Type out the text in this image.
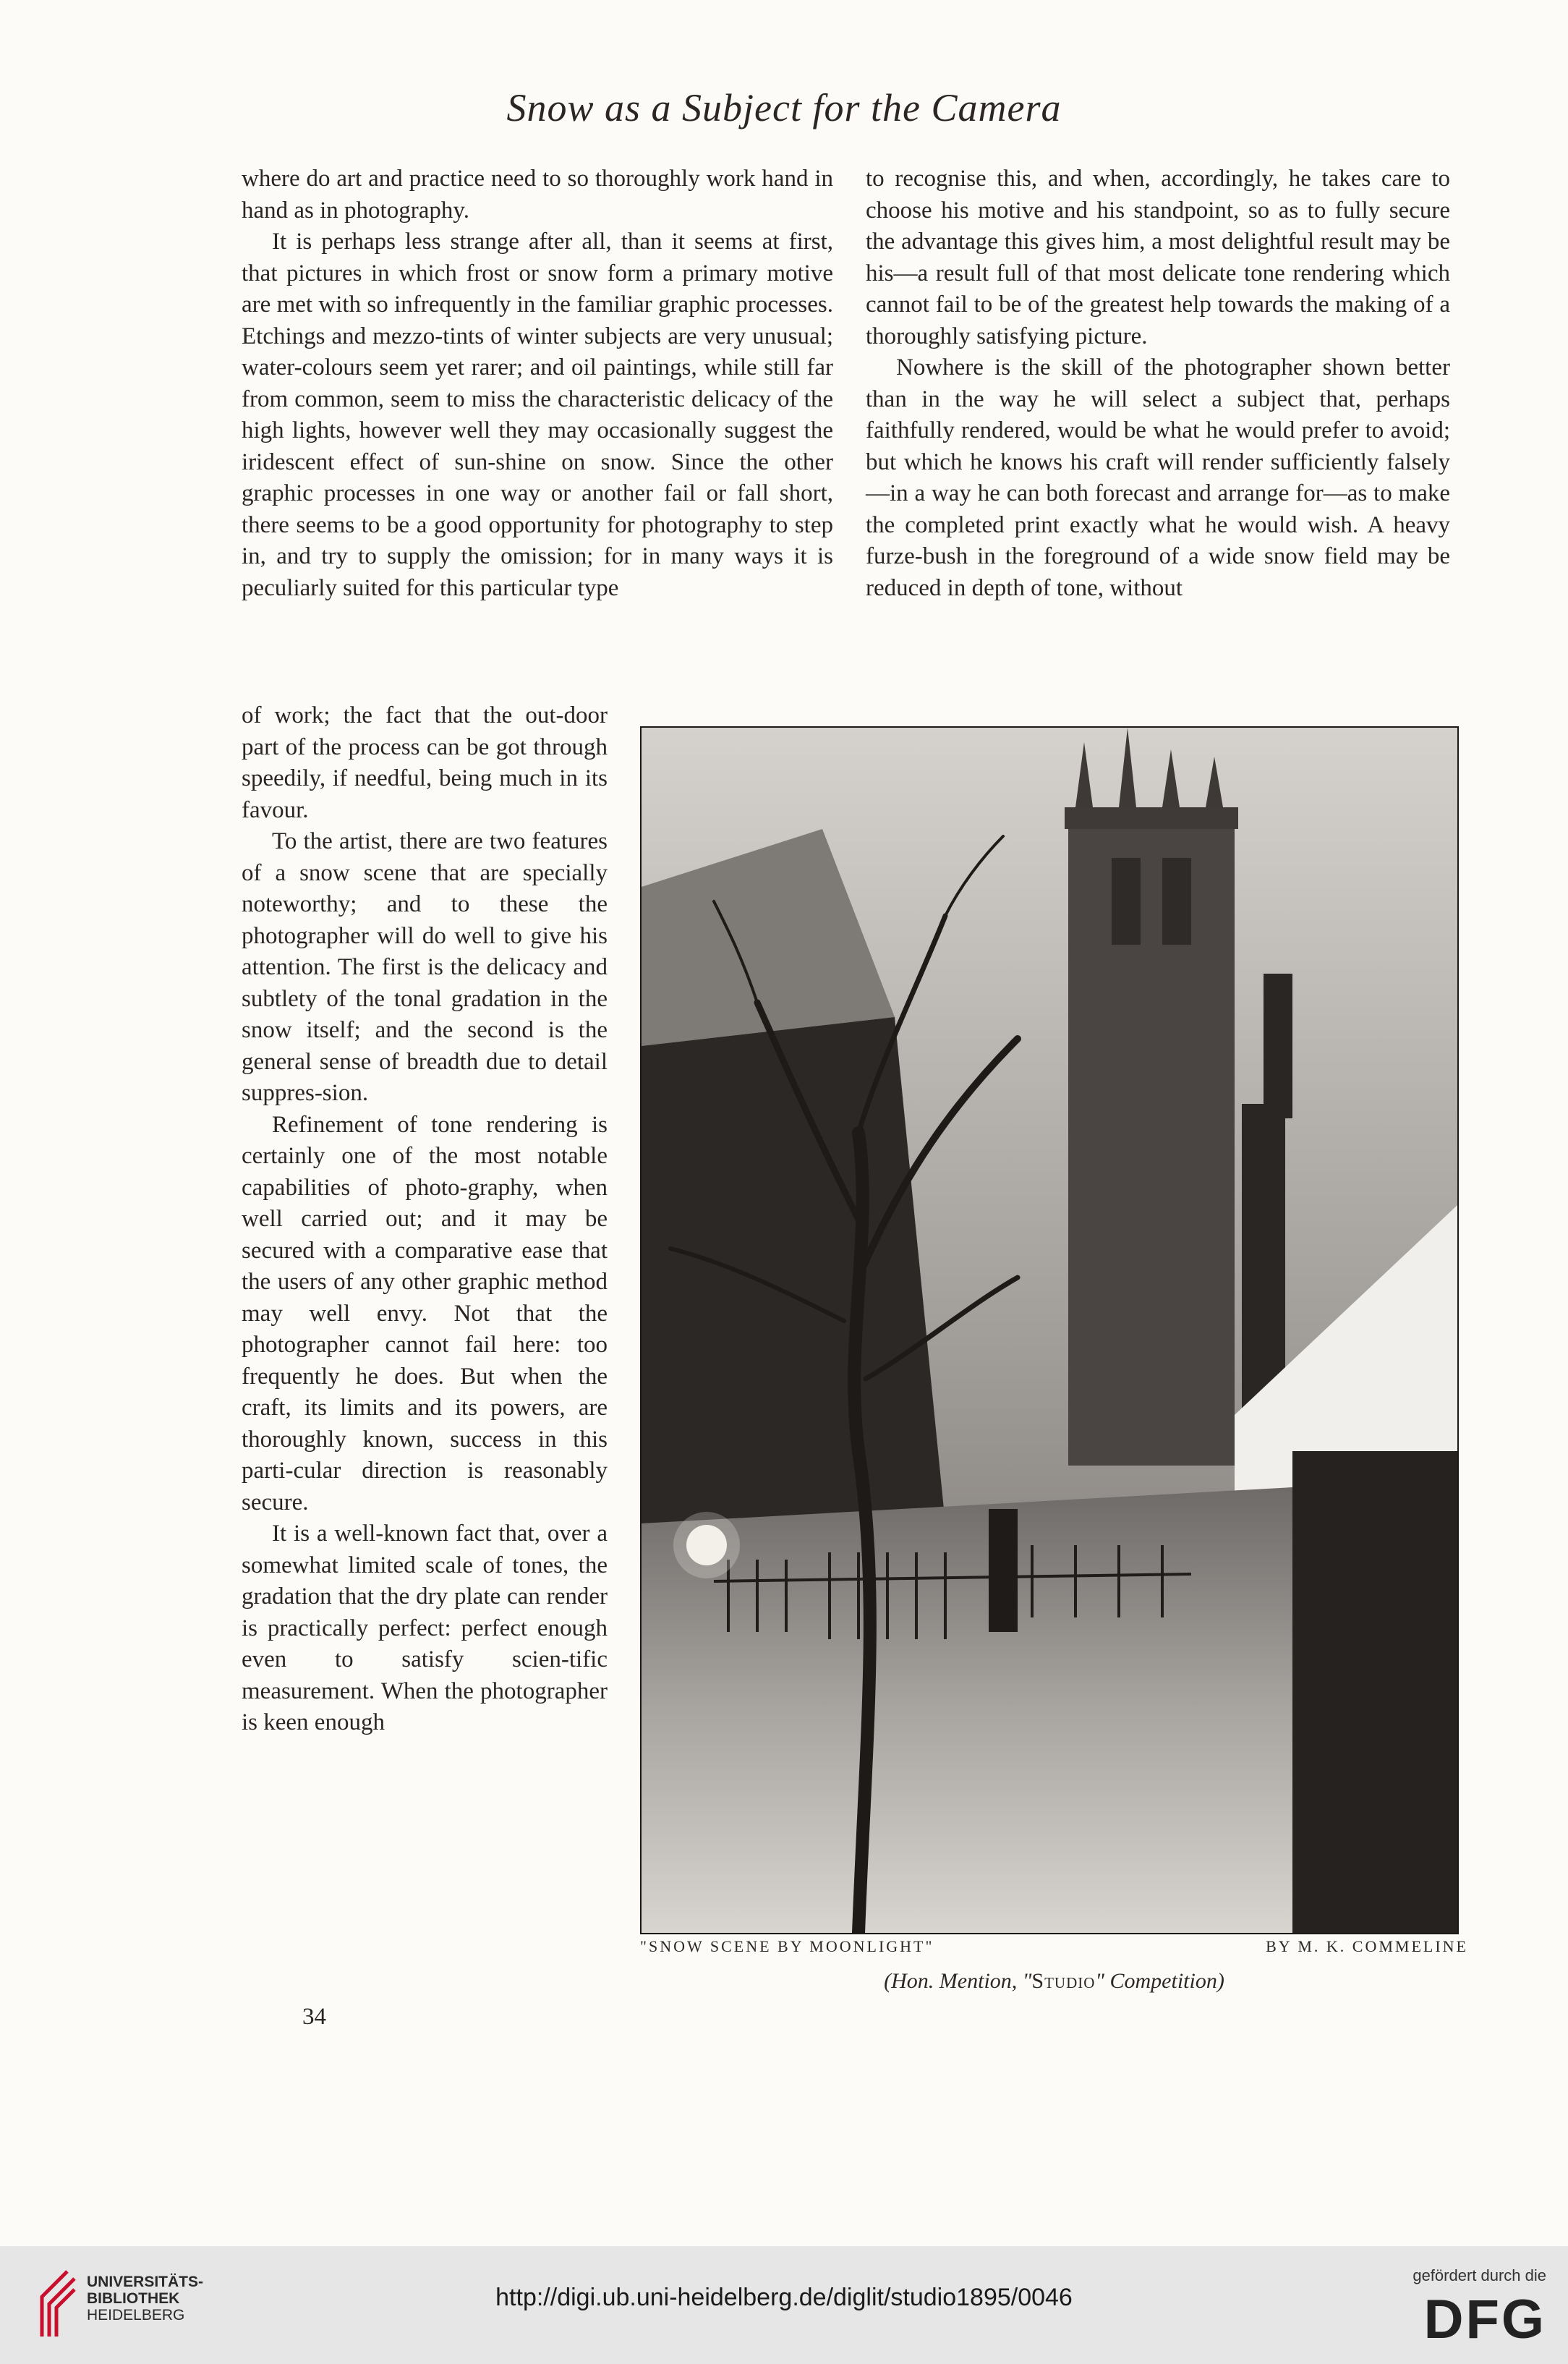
Snow as a Subject for the Camera

where do art and practice need to so thoroughly work hand in hand as in photography.

It is perhaps less strange after all, than it seems at first, that pictures in which frost or snow form a primary motive are met with so infrequently in the familiar graphic processes. Etchings and mezzo-tints of winter subjects are very unusual; water-colours seem yet rarer; and oil paintings, while still far from common, seem to miss the characteristic delicacy of the high lights, however well they may occasionally suggest the iridescent effect of sun-shine on snow. Since the other graphic processes in one way or another fail or fall short, there seems to be a good opportunity for photography to step in, and try to supply the omission; for in many ways it is peculiarly suited for this particular type

to recognise this, and when, accordingly, he takes care to choose his motive and his standpoint, so as to fully secure the advantage this gives him, a most delightful result may be his—a result full of that most delicate tone rendering which cannot fail to be of the greatest help towards the making of a thoroughly satisfying picture.

Nowhere is the skill of the photographer shown better than in the way he will select a subject that, perhaps faithfully rendered, would be what he would prefer to avoid; but which he knows his craft will render sufficiently falsely—in a way he can both forecast and arrange for—as to make the completed print exactly what he would wish. A heavy furze-bush in the foreground of a wide snow field may be reduced in depth of tone, without

of work; the fact that the out-door part of the process can be got through speedily, if needful, being much in its favour.

To the artist, there are two features of a snow scene that are specially noteworthy; and to these the photographer will do well to give his attention. The first is the delicacy and subtlety of the tonal gradation in the snow itself; and the second is the general sense of breadth due to detail suppres-sion.

Refinement of tone rendering is certainly one of the most notable capabilities of photo-graphy, when well carried out; and it may be secured with a comparative ease that the users of any other graphic method may well envy. Not that the photographer cannot fail here: too frequently he does. But when the craft, its limits and its powers, are thoroughly known, success in this parti-cular direction is reasonably secure.

It is a well-known fact that, over a somewhat limited scale of tones, the gradation that the dry plate can render is practically perfect: perfect enough even to satisfy scien-tific measurement. When the photographer is keen enough

"SNOW SCENE BY MOONLIGHT"	BY M. K. COMMELINE
(Hon. Mention, "Studio" Competition)
34
UNIVERSITÄTS-
BIBLIOTHEK
HEIDELBERG
http://digi.ub.uni-heidelberg.de/diglit/studio1895/0046
gefördert durch die
DFG
